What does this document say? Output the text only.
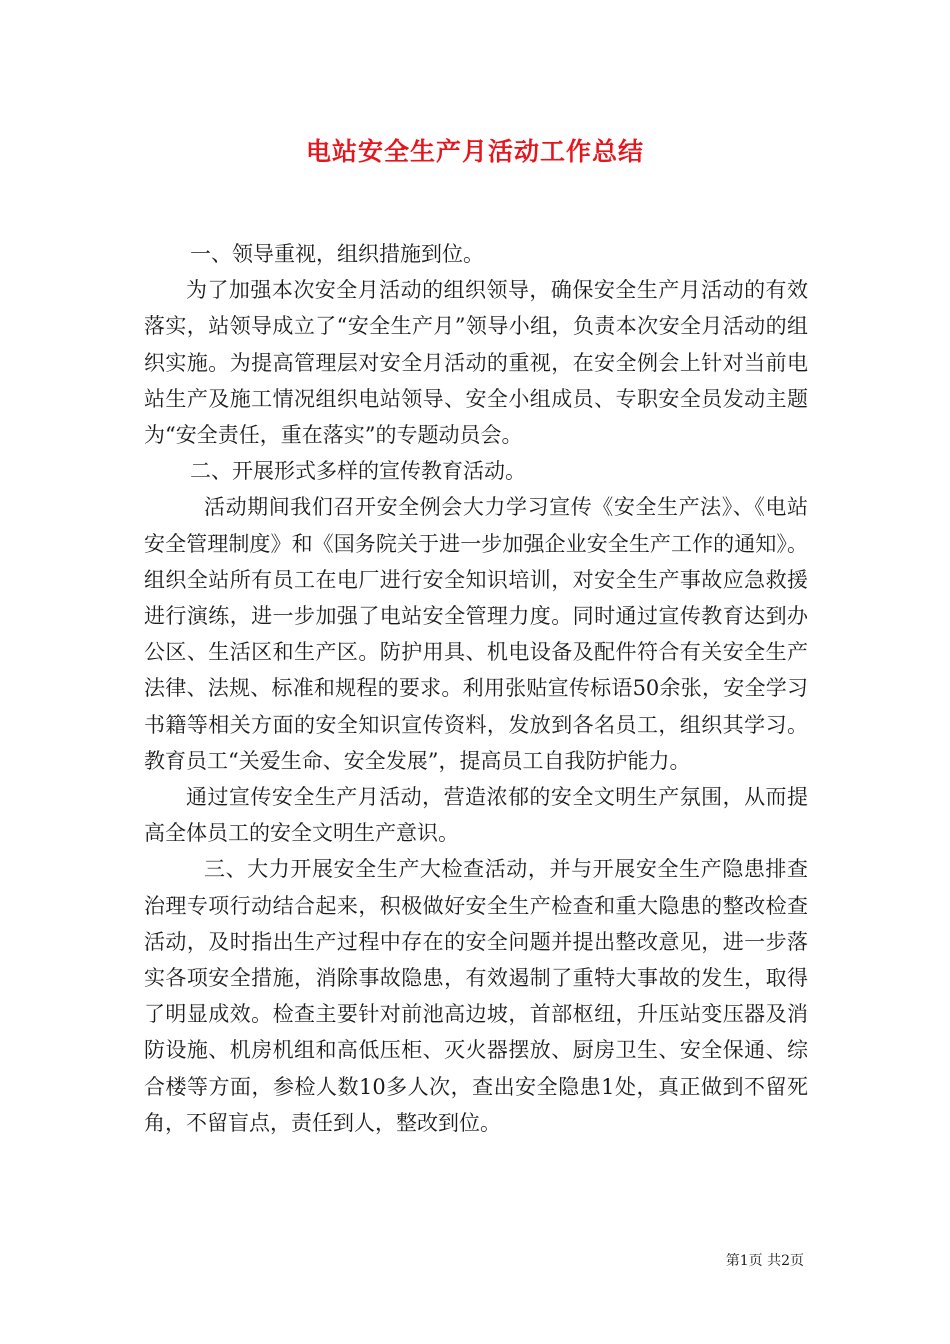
电站安全生产月活动工作总结

一、领导重视，组织措施到位。

为了加强本次安全月活动的组织领导，确保安全生产月活动的有效落实，站领导成立了“安全生产月”领导小组，负责本次安全月活动的组织实施。为提高管理层对安全月活动的重视，在安全例会上针对当前电站生产及施工情况组织电站领导、安全小组成员、专职安全员发动主题为“安全责任，重在落实”的专题动员会。

二、开展形式多样的宣传教育活动。

活动期间我们召开安全例会大力学习宣传《安全生产法》、《电站安全管理制度》和《国务院关于进一步加强企业安全生产工作的通知》。组织全站所有员工在电厂进行安全知识培训，对安全生产事故应急救援进行演练，进一步加强了电站安全管理力度。同时通过宣传教育达到办公区、生活区和生产区。防护用具、机电设备及配件符合有关安全生产法律、法规、标准和规程的要求。利用张贴宣传标语50余张，安全学习书籍等相关方面的安全知识宣传资料，发放到各名员工，组织其学习。教育员工“关爱生命、安全发展”，提高员工自我防护能力。

通过宣传安全生产月活动，营造浓郁的安全文明生产氛围，从而提高全体员工的安全文明生产意识。

三、大力开展安全生产大检查活动，并与开展安全生产隐患排查治理专项行动结合起来，积极做好安全生产检查和重大隐患的整改检查活动，及时指出生产过程中存在的安全问题并提出整改意见，进一步落实各项安全措施，消除事故隐患，有效遏制了重特大事故的发生，取得了明显成效。检查主要针对前池高边坡，首部枢纽，升压站变压器及消防设施、机房机组和高低压柜、灭火器摆放、厨房卫生、安全保通、综合楼等方面，参检人数10多人次，查出安全隐患1处，真正做到不留死角，不留盲点，责任到人，整改到位。

第1页 共2页
